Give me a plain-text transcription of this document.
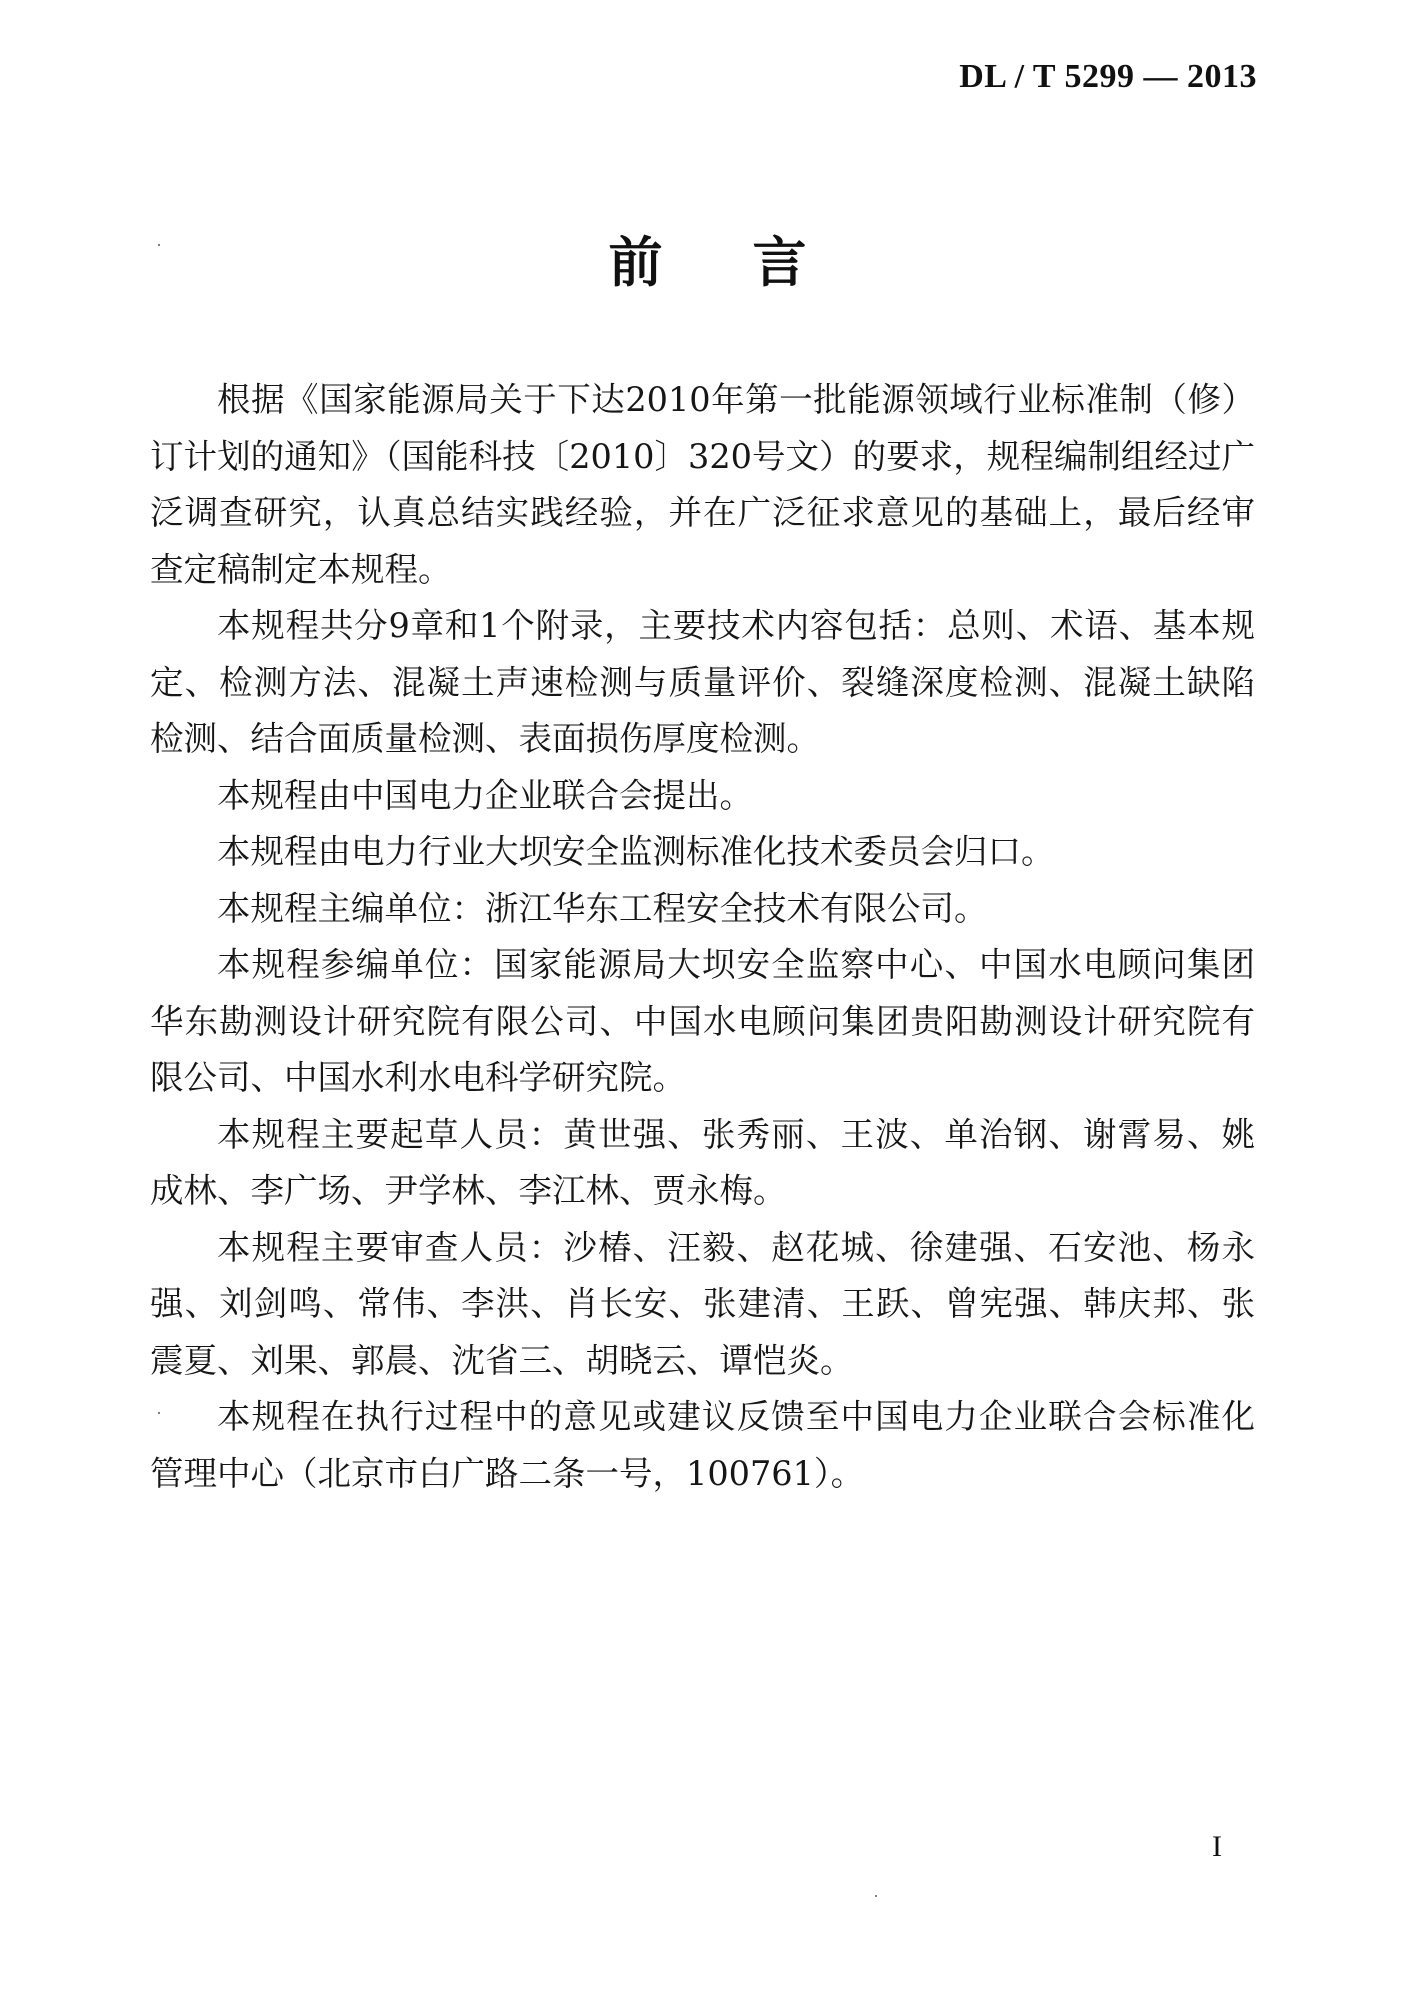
DL / T 5299 — 2013
前言

根据《国家能源局关于下达2010年第一批能源领域行业标准制（修）订计划的通知》（国能科技〔2010〕320号文）的要求，规程编制组经过广泛调查研究，认真总结实践经验，并在广泛征求意见的基础上，最后经审查定稿制定本规程。

本规程共分9章和1个附录，主要技术内容包括：总则、术语、基本规定、检测方法、混凝土声速检测与质量评价、裂缝深度检测、混凝土缺陷检测、结合面质量检测、表面损伤厚度检测。

本规程由中国电力企业联合会提出。

本规程由电力行业大坝安全监测标准化技术委员会归口。

本规程主编单位：浙江华东工程安全技术有限公司。

本规程参编单位：国家能源局大坝安全监察中心、中国水电顾问集团华东勘测设计研究院有限公司、中国水电顾问集团贵阳勘测设计研究院有限公司、中国水利水电科学研究院。

本规程主要起草人员：黄世强、张秀丽、王波、单治钢、谢霄易、姚成林、李广场、尹学林、李江林、贾永梅。

本规程主要审查人员：沙椿、汪毅、赵花城、徐建强、石安池、杨永强、刘剑鸣、常伟、李洪、肖长安、张建清、王跃、曾宪强、韩庆邦、张震夏、刘果、郭晨、沈省三、胡晓云、谭恺炎。

本规程在执行过程中的意见或建议反馈至中国电力企业联合会标准化管理中心（北京市白广路二条一号，100761）。

I
